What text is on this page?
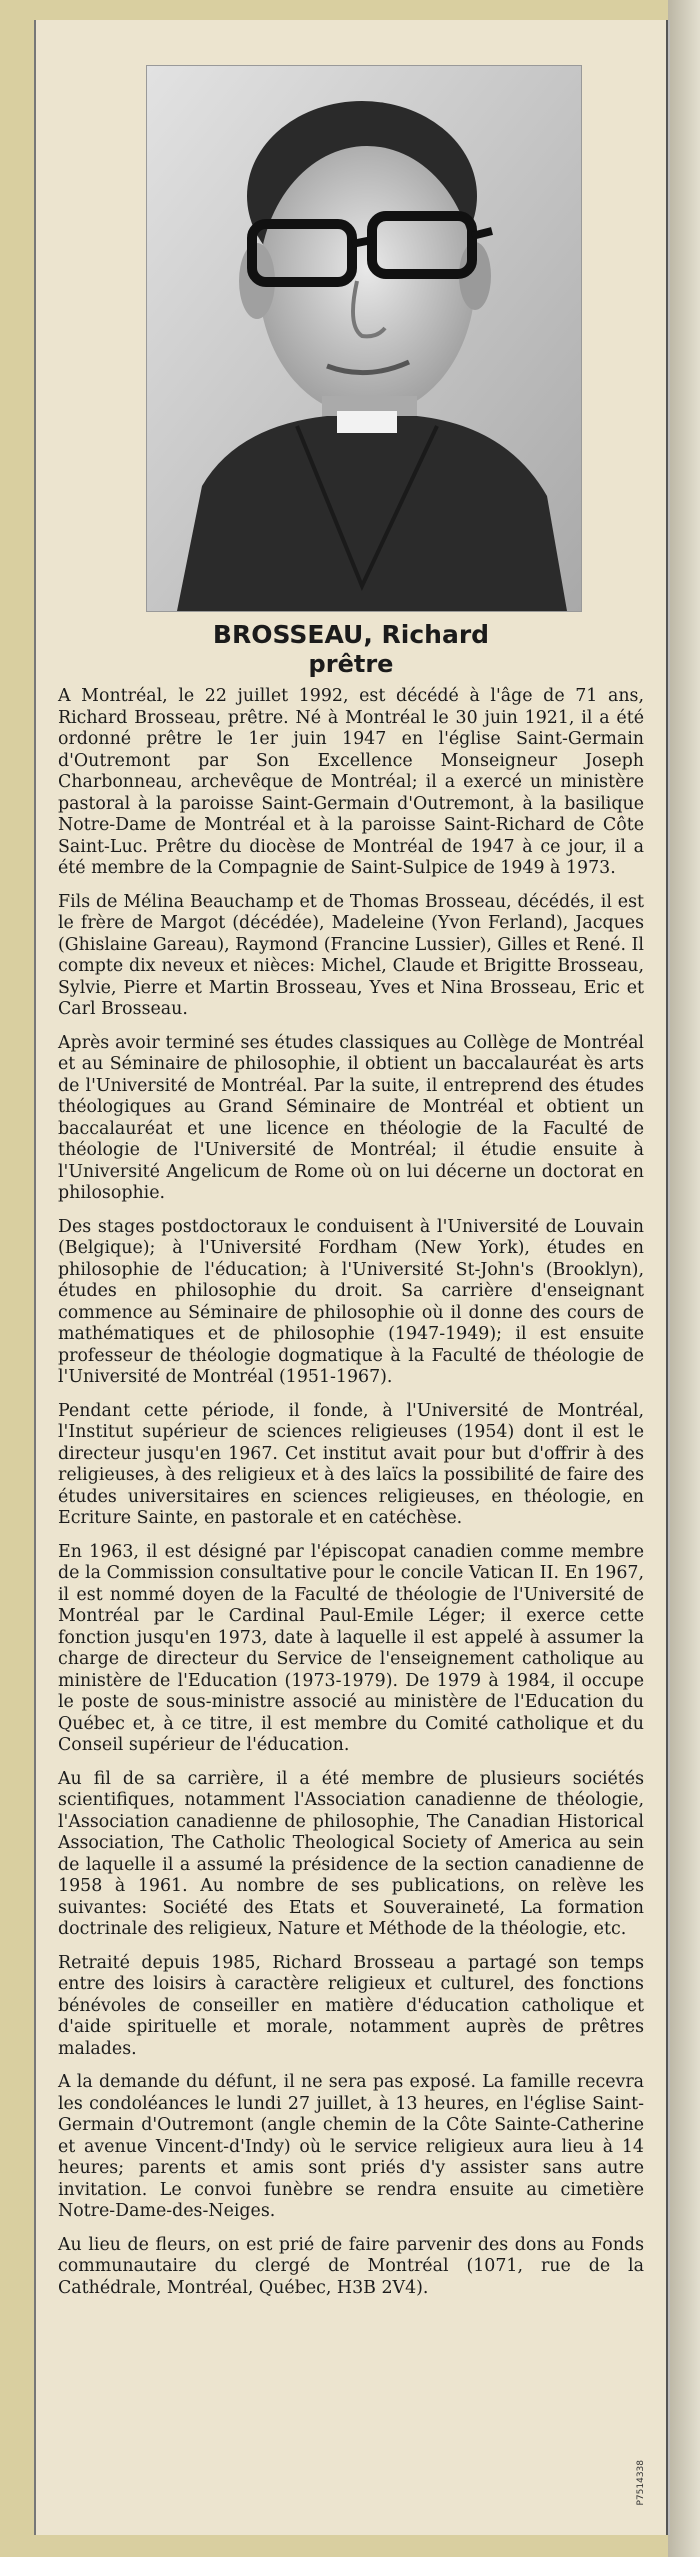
BROSSEAU, Richard
prêtre

A Montréal, le 22 juillet 1992, est décédé à l'âge de 71 ans, Richard Brosseau, prêtre. Né à Montréal le 30 juin 1921, il a été ordonné prêtre le 1er juin 1947 en l'église Saint-Germain d'Outremont par Son Excellence Monseigneur Joseph Charbonneau, archevêque de Montréal; il a exercé un ministère pastoral à la paroisse Saint-Germain d'Outremont, à la basilique Notre-Dame de Montréal et à la paroisse Saint-Richard de Côte Saint-Luc. Prêtre du diocèse de Montréal de 1947 à ce jour, il a été membre de la Compagnie de Saint-Sulpice de 1949 à 1973.

Fils de Mélina Beauchamp et de Thomas Brosseau, décédés, il est le frère de Margot (décédée), Madeleine (Yvon Ferland), Jacques (Ghislaine Gareau), Raymond (Francine Lussier), Gilles et René. Il compte dix neveux et nièces: Michel, Claude et Brigitte Brosseau, Sylvie, Pierre et Martin Brosseau, Yves et Nina Brosseau, Eric et Carl Brosseau.

Après avoir terminé ses études classiques au Collège de Montréal et au Séminaire de philosophie, il obtient un baccalauréat ès arts de l'Université de Montréal. Par la suite, il entreprend des études théologiques au Grand Séminaire de Montréal et obtient un baccalauréat et une licence en théologie de la Faculté de théologie de l'Université de Montréal; il étudie ensuite à l'Université Angelicum de Rome où on lui décerne un doctorat en philosophie.

Des stages postdoctoraux le conduisent à l'Université de Louvain (Belgique); à l'Université Fordham (New York), études en philosophie de l'éducation; à l'Université St-John's (Brooklyn), études en philosophie du droit. Sa carrière d'enseignant commence au Séminaire de philosophie où il donne des cours de mathématiques et de philosophie (1947-1949); il est ensuite professeur de théologie dogmatique à la Faculté de théologie de l'Université de Montréal (1951-1967).

Pendant cette période, il fonde, à l'Université de Montréal, l'Institut supérieur de sciences religieuses (1954) dont il est le directeur jusqu'en 1967. Cet institut avait pour but d'offrir à des religieuses, à des religieux et à des laïcs la possibilité de faire des études universitaires en sciences religieuses, en théologie, en Ecriture Sainte, en pastorale et en catéchèse.

En 1963, il est désigné par l'épiscopat canadien comme membre de la Commission consultative pour le concile Vatican II. En 1967, il est nommé doyen de la Faculté de théologie de l'Université de Montréal par le Cardinal Paul-Emile Léger; il exerce cette fonction jusqu'en 1973, date à laquelle il est appelé à assumer la charge de directeur du Service de l'enseignement catholique au ministère de l'Education (1973-1979). De 1979 à 1984, il occupe le poste de sous-ministre associé au ministère de l'Education du Québec et, à ce titre, il est membre du Comité catholique et du Conseil supérieur de l'éducation.

Au fil de sa carrière, il a été membre de plusieurs sociétés scientifiques, notamment l'Association canadienne de théologie, l'Association canadienne de philosophie, The Canadian Historical Association, The Catholic Theological Society of America au sein de laquelle il a assumé la présidence de la section canadienne de 1958 à 1961. Au nombre de ses publications, on relève les suivantes: Société des Etats et Souveraineté, La formation doctrinale des religieux, Nature et Méthode de la théologie, etc.

Retraité depuis 1985, Richard Brosseau a partagé son temps entre des loisirs à caractère religieux et culturel, des fonctions bénévoles de conseiller en matière d'éducation catholique et d'aide spirituelle et morale, notamment auprès de prêtres malades.

A la demande du défunt, il ne sera pas exposé. La famille recevra les condoléances le lundi 27 juillet, à 13 heures, en l'église Saint-Germain d'Outremont (angle chemin de la Côte Sainte-Catherine et avenue Vincent-d'Indy) où le service religieux aura lieu à 14 heures; parents et amis sont priés d'y assister sans autre invitation. Le convoi funèbre se rendra ensuite au cimetière Notre-Dame-des-Neiges.

Au lieu de fleurs, on est prié de faire parvenir des dons au Fonds communautaire du clergé de Montréal (1071, rue de la Cathédrale, Montréal, Québec, H3B 2V4).

P7514338
